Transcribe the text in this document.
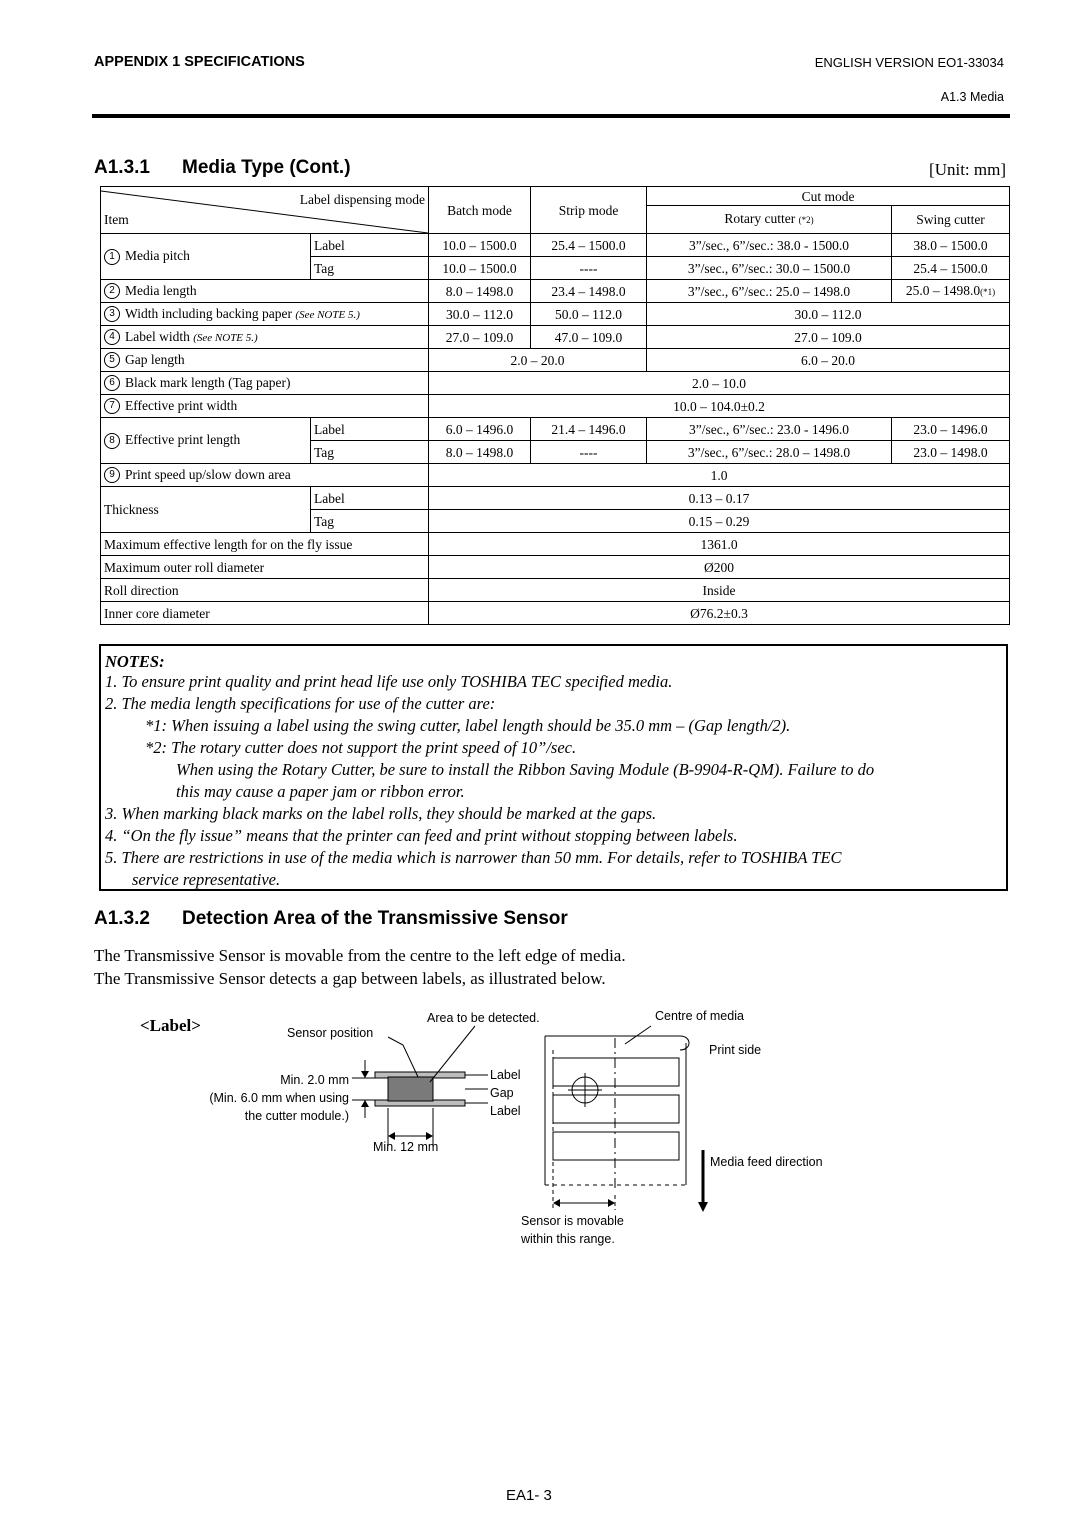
APPENDIX 1 SPECIFICATIONS	ENGLISH VERSION EO1-33034
A1.3 Media
A1.3.1 Media Type (Cont.)	[Unit: mm]
Label dispensing mode
Item		Batch mode	Strip mode	Cut mode	
				Rotary cutter (*2)	Swing cutter
1 Media pitch	Label	10.0 – 1500.0	25.4 – 1500.0	3”/sec., 6”/sec.: 38.0 - 1500.0	38.0 – 1500.0
	Tag	10.0 – 1500.0	----	3”/sec., 6”/sec.: 30.0 – 1500.0	25.4 – 1500.0
2 Media length		8.0 – 1498.0	23.4 – 1498.0	3”/sec., 6”/sec.: 25.0 – 1498.0	25.0 – 1498.0(*1)
3 Width including backing paper (See NOTE 5.)		30.0 – 112.0	50.0 – 112.0	30.0 – 112.0	
4 Label width (See NOTE 5.)		27.0 – 109.0	47.0 – 109.0	27.0 – 109.0	
5 Gap length		2.0 – 20.0		6.0 – 20.0	
6 Black mark length (Tag paper)		2.0 – 10.0			
7 Effective print width		10.0 – 104.0±0.2			
8 Effective print length	Label	6.0 – 1496.0	21.4 – 1496.0	3”/sec., 6”/sec.: 23.0 - 1496.0	23.0 – 1496.0
	Tag	8.0 – 1498.0	----	3”/sec., 6”/sec.: 28.0 – 1498.0	23.0 – 1498.0
9 Print speed up/slow down area		1.0			
Thickness	Label	0.13 – 0.17			
	Tag	0.15 – 0.29			
Maximum effective length for on the fly issue		1361.0			
Maximum outer roll diameter		Ø200			
Roll direction		Inside			
Inner core diameter		Ø76.2±0.3			
NOTES:
1. To ensure print quality and print head life use only TOSHIBA TEC specified media.
2. The media length specifications for use of the cutter are:
*1: When issuing a label using the swing cutter, label length should be 35.0 mm – (Gap length/2).
*2: The rotary cutter does not support the print speed of 10”/sec.
When using the Rotary Cutter, be sure to install the Ribbon Saving Module (B-9904-R-QM). Failure to do
this may cause a paper jam or ribbon error.
3. When marking black marks on the label rolls, they should be marked at the gaps.
4. “On the fly issue” means that the printer can feed and print without stopping between labels.
5. There are restrictions in use of the media which is narrower than 50 mm. For details, refer to TOSHIBA TEC
service representative.
A1.3.2 Detection Area of the Transmissive Sensor
The Transmissive Sensor is movable from the centre to the left edge of media.
The Transmissive Sensor detects a gap between labels, as illustrated below.
<Label>	Sensor position
Area to be detected.
Min. 2.0 mm
(Min. 6.0 mm when using
the cutter module.)
Label
Gap
Label
Min. 12 mm
Centre of media
Print side
Media feed direction
Sensor is movable
within this range.
EA1- 3
